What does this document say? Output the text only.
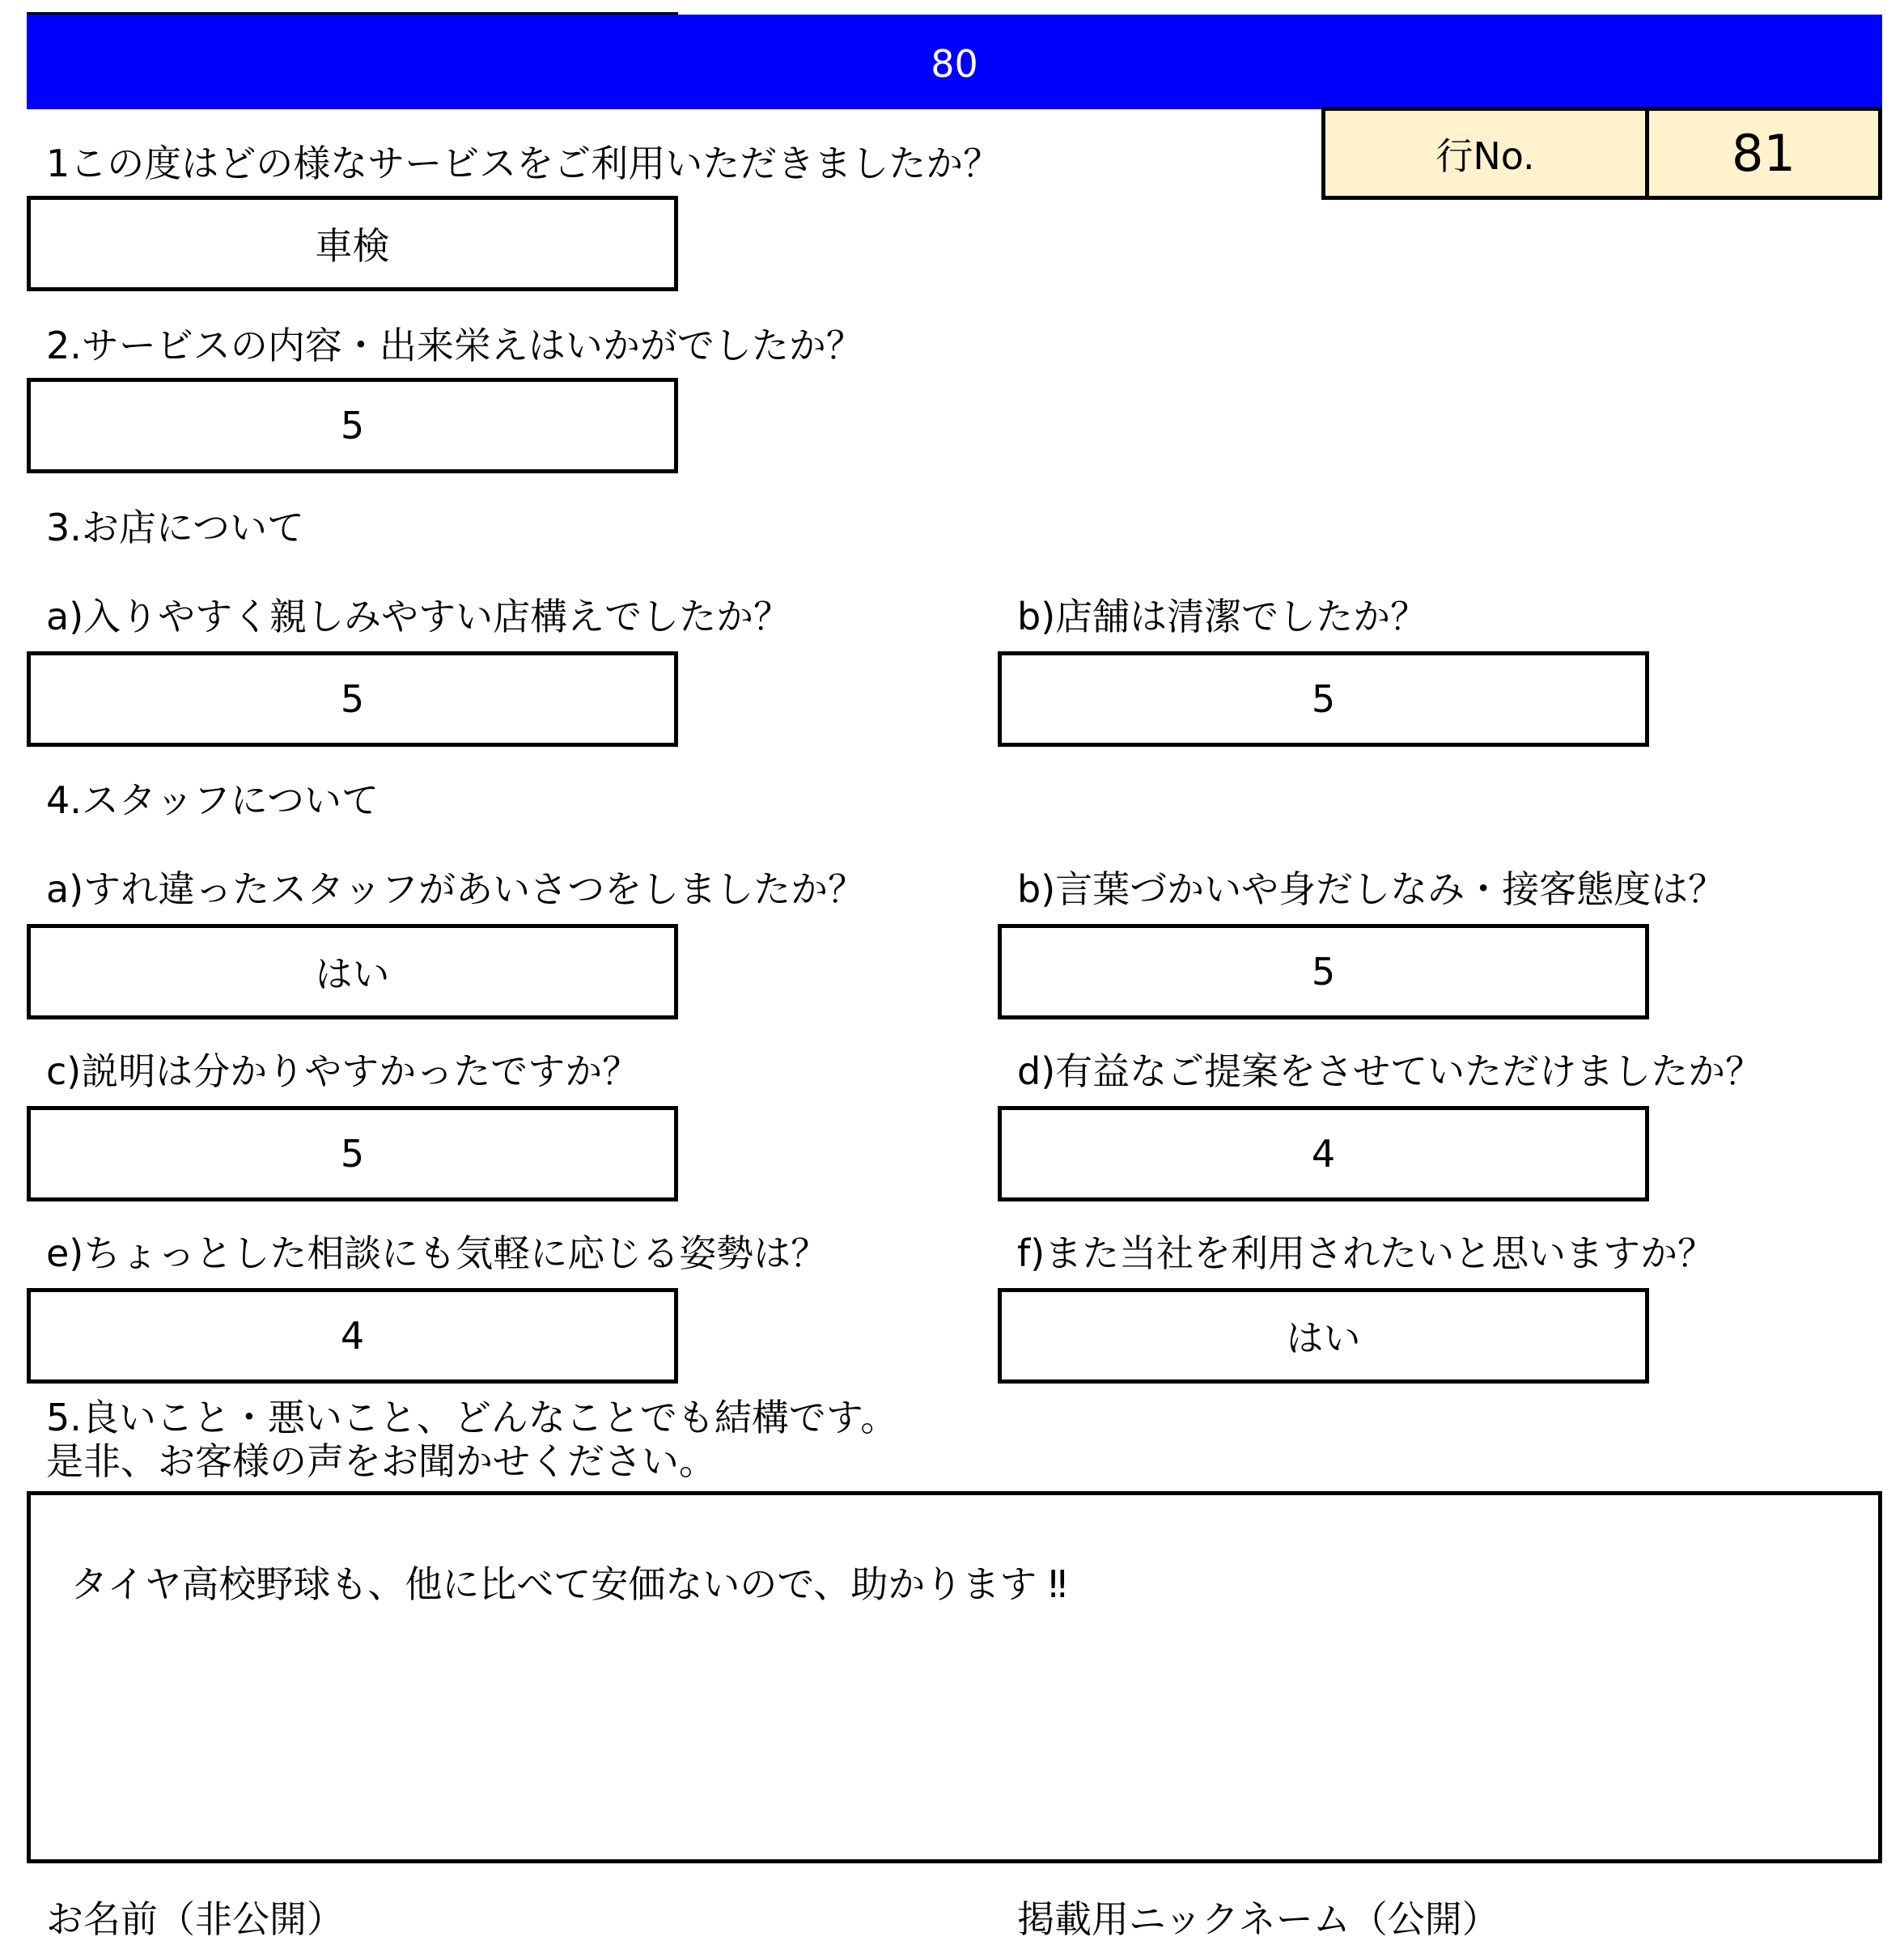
80
行No.	81
1この度はどの様なサービスをご利用いただきましたか？
車検
2.サービスの内容・出来栄えはいかがでしたか？
5
3.お店について
a)入りやすく親しみやすい店構えでしたか？	b)店舗は清潔でしたか？
5	5
4.スタッフについて
a)すれ違ったスタッフがあいさつをしましたか？	b)言葉づかいや身だしなみ・接客態度は？
はい	5
c)説明は分かりやすかったですか？	d)有益なご提案をさせていただけましたか？
5	4
e)ちょっとした相談にも気軽に応じる姿勢は？	f)また当社を利用されたいと思いますか？
4	はい
5.良いこと・悪いこと、どんなことでも結構です。
是非、お客様の声をお聞かせください。

タイヤ高校野球も、他に比べて安価ないので、助かります ‼

お名前（非公開）	掲載用ニックネーム（公開）
